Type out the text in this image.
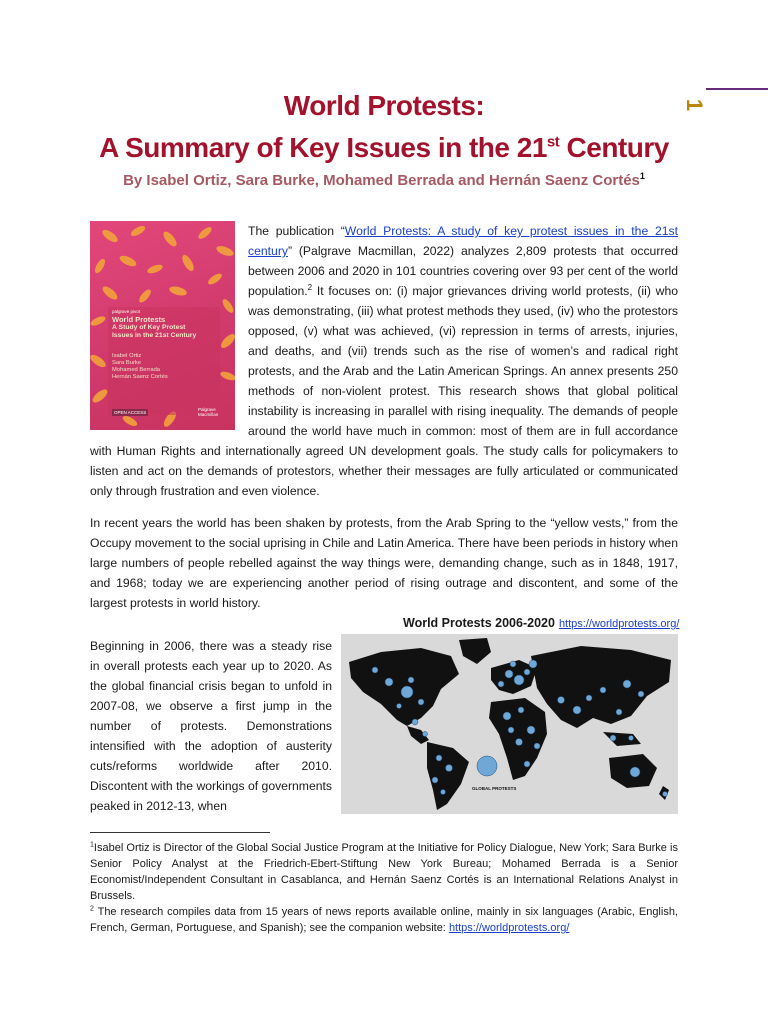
1
World Protests:
A Summary of Key Issues in the 21st Century
By Isabel Ortiz, Sara Burke, Mohamed Berrada and Hernán Saenz Cortés$^1$
palgrave pivot
World Protests
A Study of Key Protest
Issues in the 21st Century
Isabel Ortiz
Sara Burke
Mohamed Berrada
Hernán Saenz Cortés
OPEN ACCESS
Palgrave Macmillan
The publication “World Protests: A study of key protest issues in the 21st century” (Palgrave Macmillan, 2022) analyzes 2,809 protests that occurred between 2006 and 2020 in 101 countries covering over 93 per cent of the world population.$^2$ It focuses on: (i) major grievances driving world protests, (ii) who was demonstrating, (iii) what protest methods they used, (iv) who the protestors opposed, (v) what was achieved, (vi) repression in terms of arrests, injuries, and deaths, and (vii) trends such as the rise of women’s and radical right protests, and the Arab and the Latin American Springs. An annex presents 250 methods of non-violent protest. This research shows that global political instability is increasing in parallel with rising inequality. The demands of people around the world have much in common: most of them are in full accordance with Human Rights and internationally agreed UN development goals. The study calls for policymakers to listen and act on the demands of protestors, whether their messages are fully articulated or communicated only through frustration and even violence.
In recent years the world has been shaken by protests, from the Arab Spring to the “yellow vests,” from the Occupy movement to the social uprising in Chile and Latin America. There have been periods in history when large numbers of people rebelled against the way things were, demanding change, such as in 1848, 1917, and 1968; today we are experiencing another period of rising outrage and discontent, and some of the largest protests in world history.
World Protests 2006-2020 https://worldprotests.org/
GLOBAL PROTESTS
Beginning in 2006, there was a steady rise in overall protests each year up to 2020. As the global financial crisis began to unfold in 2007-08, we observe a first jump in the number of protests. Demonstrations intensified with the adoption of austerity cuts/reforms worldwide after 2010. Discontent with the workings of governments peaked in 2012-13, when
$^1$Isabel Ortiz is Director of the Global Social Justice Program at the Initiative for Policy Dialogue, New York; Sara Burke is Senior Policy Analyst at the Friedrich-Ebert-Stiftung New York Bureau; Mohamed Berrada is a Senior Economist/Independent Consultant in Casablanca, and Hernán Saenz Cortés is an International Relations Analyst in Brussels.
$^2$ The research compiles data from 15 years of news reports available online, mainly in six languages (Arabic, English, French, German, Portuguese, and Spanish); see the companion website: https://worldprotests.org/
